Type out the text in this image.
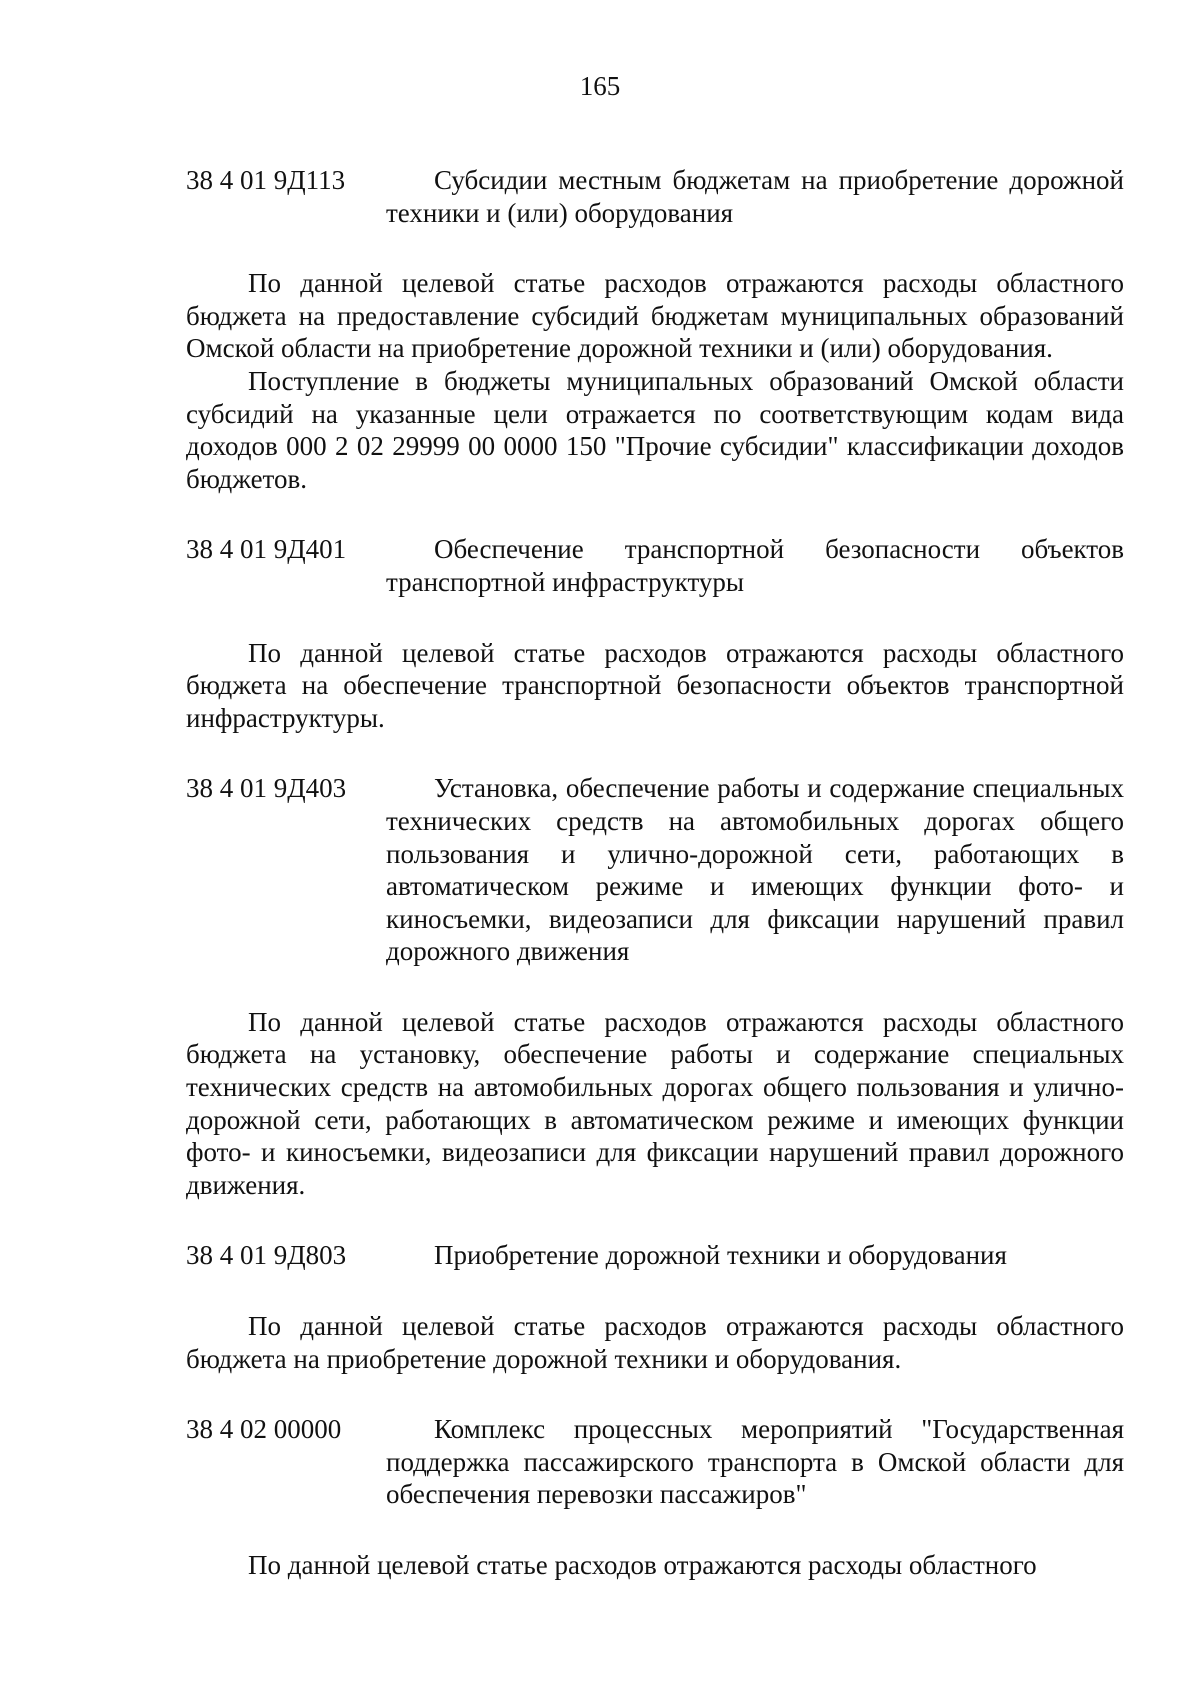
165
38 4 01 9Д113	Субсидии местным бюджетам на приобретение дорожной техники и (или) оборудования

По данной целевой статье расходов отражаются расходы областного бюджета на предоставление субсидий бюджетам муниципальных образований Омской области на приобретение дорожной техники и (или) оборудования.

Поступление в бюджеты муниципальных образований Омской области субсидий на указанные цели отражается по соответствующим кодам вида доходов 000 2 02 29999 00 0000 150 "Прочие субсидии" классификации доходов бюджетов.

38 4 01 9Д401	Обеспечение транспортной безопасности объектов транспортной инфраструктуры

По данной целевой статье расходов отражаются расходы областного бюджета на обеспечение транспортной безопасности объектов транспортной инфраструктуры.

38 4 01 9Д403	Установка, обеспечение работы и содержание специальных технических средств на автомобильных дорогах общего пользования и улично-дорожной сети, работающих в автоматическом режиме и имеющих функции фото- и киносъемки, видеозаписи для фиксации нарушений правил дорожного движения

По данной целевой статье расходов отражаются расходы областного бюджета на установку, обеспечение работы и содержание специальных технических средств на автомобильных дорогах общего пользования и улично-дорожной сети, работающих в автоматическом режиме и имеющих функции фото- и киносъемки, видеозаписи для фиксации нарушений правил дорожного движения.

38 4 01 9Д803	Приобретение дорожной техники и оборудования

По данной целевой статье расходов отражаются расходы областного бюджета на приобретение дорожной техники и оборудования.

38 4 02 00000	Комплекс процессных мероприятий "Государственная поддержка пассажирского транспорта в Омской области для обеспечения перевозки пассажиров"

По данной целевой статье расходов отражаются расходы областного
